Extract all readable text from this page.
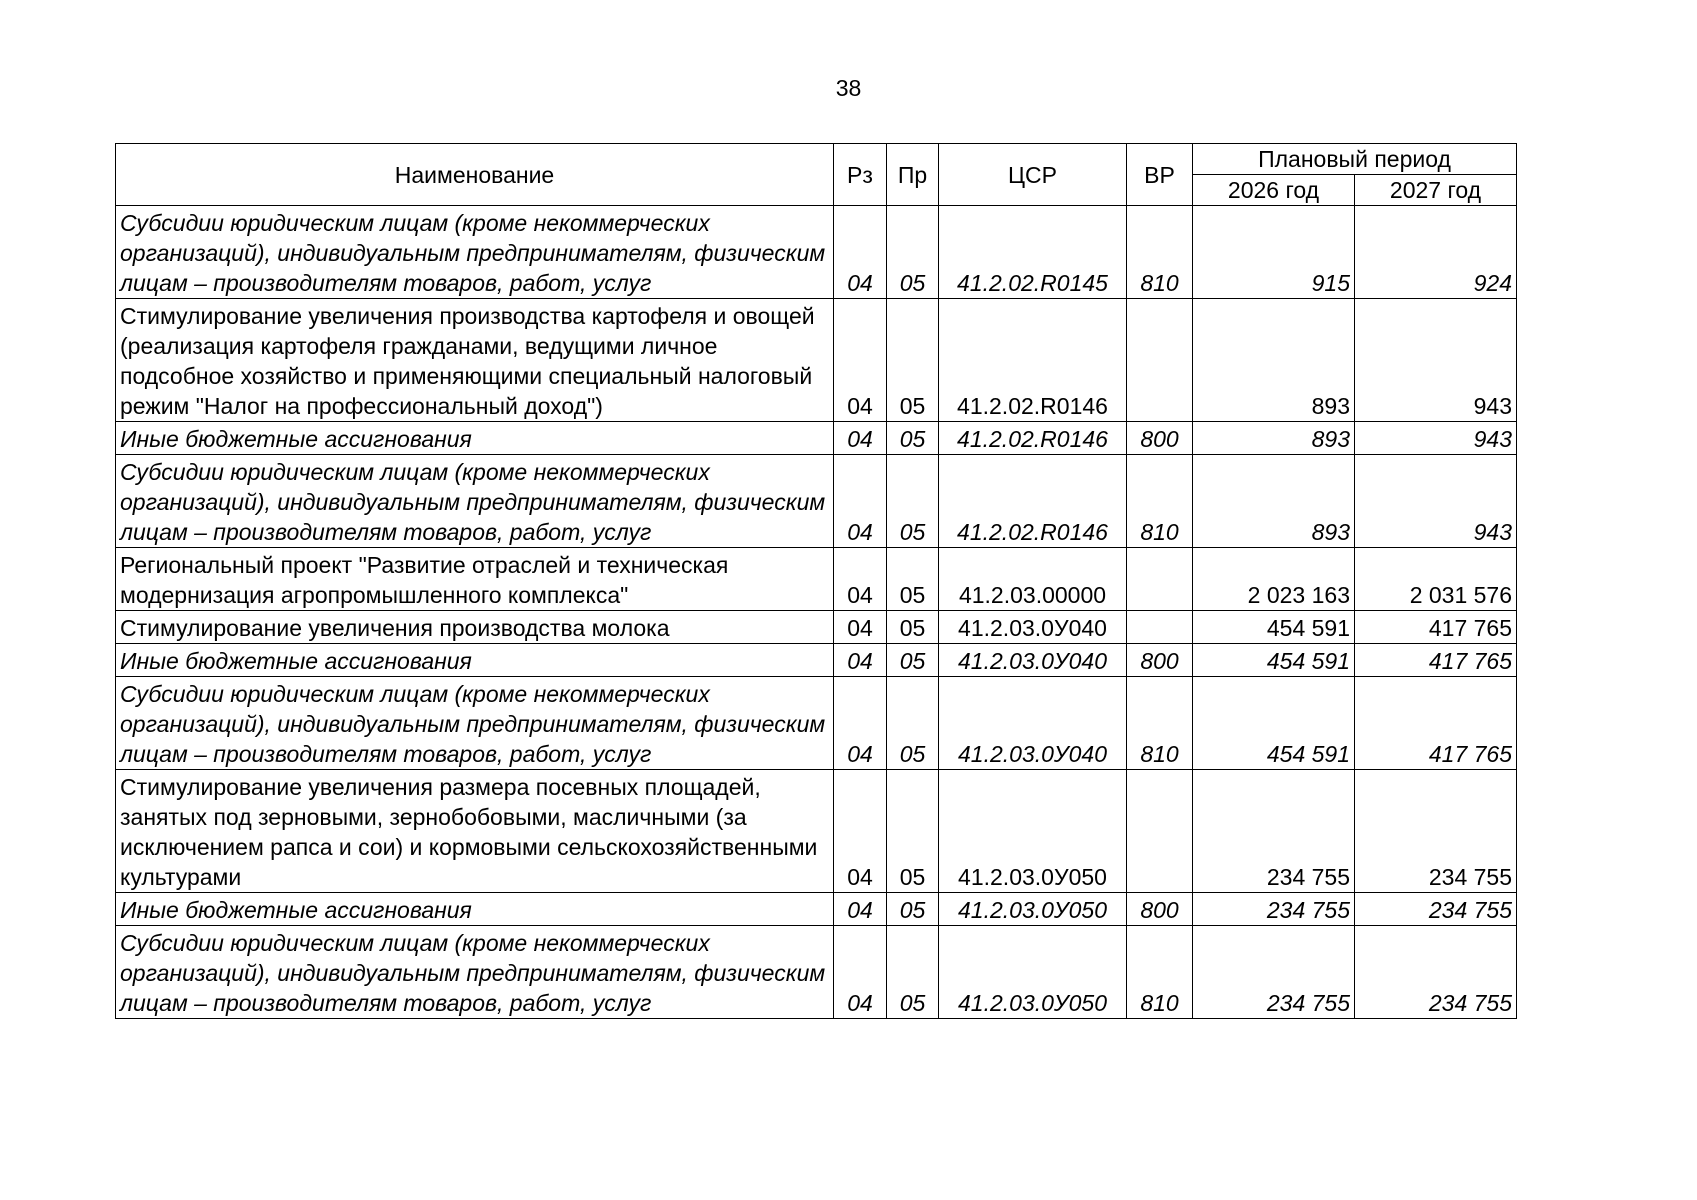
38
Наименование	Рз	Пр	ЦСР	ВР	Плановый период	
					2026 год	2027 год
Субсидии юридическим лицам (кроме некоммерческих организаций), индивидуальным предпринимателям, физическим лицам – производителям товаров, работ, услуг	04	05	41.2.02.R0145	810	915	924
Стимулирование увеличения производства картофеля и овощей (реализация картофеля гражданами, ведущими личное подсобное хозяйство и применяющими специальный налоговый режим "Налог на профессиональный доход")	04	05	41.2.02.R0146		893	943
Иные бюджетные ассигнования	04	05	41.2.02.R0146	800	893	943
Субсидии юридическим лицам (кроме некоммерческих организаций), индивидуальным предпринимателям, физическим лицам – производителям товаров, работ, услуг	04	05	41.2.02.R0146	810	893	943
Региональный проект "Развитие отраслей и техническая модернизация агропромышленного комплекса"	04	05	41.2.03.00000		2 023 163	2 031 576
Стимулирование увеличения производства молока	04	05	41.2.03.0У040		454 591	417 765
Иные бюджетные ассигнования	04	05	41.2.03.0У040	800	454 591	417 765
Субсидии юридическим лицам (кроме некоммерческих организаций), индивидуальным предпринимателям, физическим лицам – производителям товаров, работ, услуг	04	05	41.2.03.0У040	810	454 591	417 765
Стимулирование увеличения размера посевных площадей, занятых под зерновыми, зернобобовыми, масличными (за исключением рапса и сои) и кормовыми сельскохозяйственными культурами	04	05	41.2.03.0У050		234 755	234 755
Иные бюджетные ассигнования	04	05	41.2.03.0У050	800	234 755	234 755
Субсидии юридическим лицам (кроме некоммерческих организаций), индивидуальным предпринимателям, физическим лицам – производителям товаров, работ, услуг	04	05	41.2.03.0У050	810	234 755	234 755
